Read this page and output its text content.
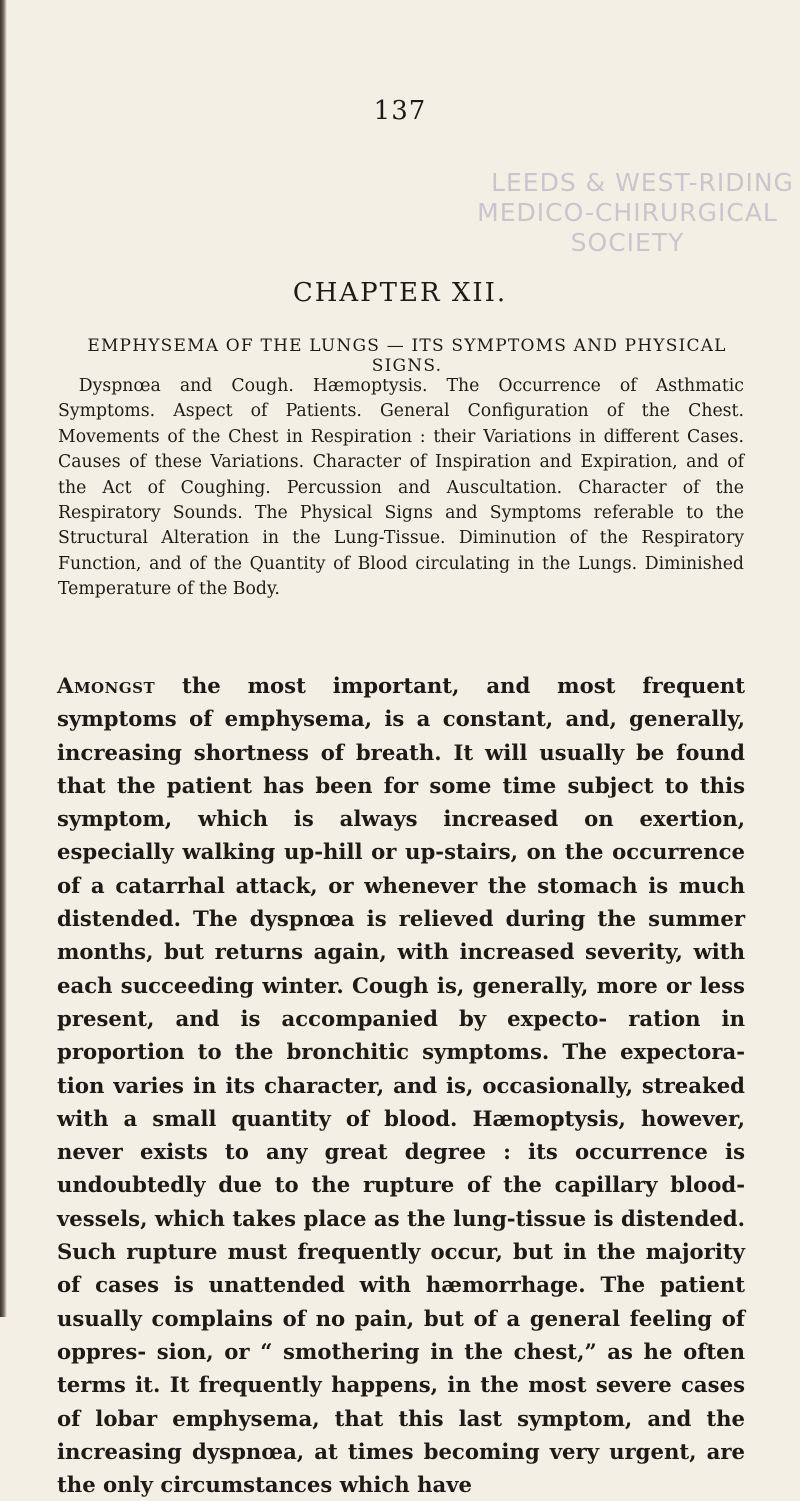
137
LEEDS & WEST-RIDING
MEDICO-CHIRURGICAL SOCIETY
CHAPTER XII.
EMPHYSEMA OF THE LUNGS — ITS SYMPTOMS AND PHYSICAL SIGNS.
Dyspnœa and Cough. Hæmoptysis. The Occurrence of Asthmatic Symptoms. Aspect of Patients. General Configuration of the Chest. Movements of the Chest in Respiration : their Variations in different Cases. Causes of these Variations. Character of Inspiration and Expiration, and of the Act of Coughing. Percussion and Auscultation. Character of the Respiratory Sounds. The Physical Signs and Symptoms referable to the Structural Alteration in the Lung-Tissue. Diminution of the Respiratory Function, and of the Quantity of Blood circulating in the Lungs. Diminished Temperature of the Body.
Amongst the most important, and most frequent symptoms of emphysema, is a constant, and, generally, increasing shortness of breath. It will usually be found that the patient has been for some time subject to this symptom, which is always increased on exertion, especially walking up-hill or up-stairs, on the occurrence of a catarrhal attack, or whenever the stomach is much distended. The dyspnœa is relieved during the summer months, but returns again, with increased severity, with each succeeding winter. Cough is, generally, more or less present, and is accompanied by expecto- ration in proportion to the bronchitic symptoms. The expectora- tion varies in its character, and is, occasionally, streaked with a small quantity of blood. Hæmoptysis, however, never exists to any great degree : its occurrence is undoubtedly due to the rupture of the capillary blood-vessels, which takes place as the lung-tissue is distended. Such rupture must frequently occur, but in the majority of cases is unattended with hæmorrhage. The patient usually complains of no pain, but of a general feeling of oppres- sion, or “ smothering in the chest,” as he often terms it. It frequently happens, in the most severe cases of lobar emphysema, that this last symptom, and the increasing dyspnœa, at times becoming very urgent, are the only circumstances which have
